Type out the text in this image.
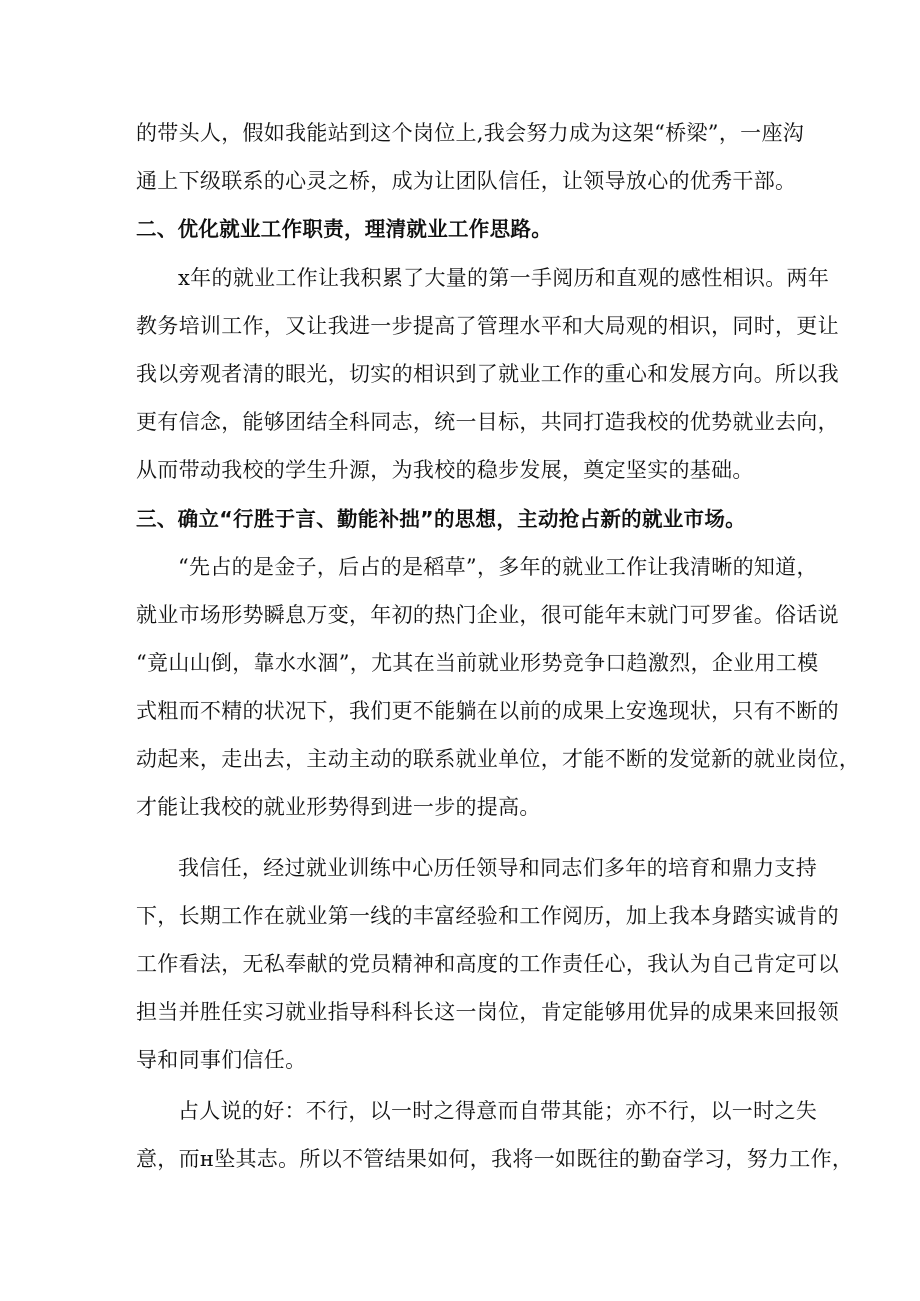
的带头人，假如我能站到这个岗位上,我会努力成为这架“桥梁”，一座沟
通上下级联系的心灵之桥，成为让团队信任，让领导放心的优秀干部。
二、优化就业工作职责，理清就业工作思路。
x年的就业工作让我积累了大量的第一手阅历和直观的感性相识。两年
教务培训工作，又让我进一步提高了管理水平和大局观的相识，同时，更让
我以旁观者清的眼光，切实的相识到了就业工作的重心和发展方向。所以我
更有信念，能够团结全科同志，统一目标，共同打造我校的优势就业去向，
从而带动我校的学生升源，为我校的稳步发展，奠定坚实的基础。
三、确立“行胜于言、勤能补拙”的思想，主动抢占新的就业市场。
“先占的是金子，后占的是稻草”，多年的就业工作让我清晰的知道，
就业市场形势瞬息万变，年初的热门企业，很可能年末就门可罗雀。俗话说
“竟山山倒，靠水水涸”，尤其在当前就业形势竞争口趋激烈，企业用工模
式粗而不精的状况下，我们更不能躺在以前的成果上安逸现状，只有不断的
动起来，走出去，主动主动的联系就业单位，才能不断的发觉新的就业岗位，
才能让我校的就业形势得到进一步的提高。
我信任，经过就业训练中心历任领导和同志们多年的培育和鼎力支持
下，长期工作在就业第一线的丰富经验和工作阅历，加上我本身踏实诚肯的
工作看法，无私奉献的党员精神和高度的工作责任心，我认为自己肯定可以
担当并胜任实习就业指导科科长这一岗位，肯定能够用优异的成果来回报领
导和同事们信任。
占人说的好：不行，以一时之得意而自带其能；亦不行，以一时之失
意，而н坠其志。所以不管结果如何，我将一如既往的勤奋学习，努力工作，
